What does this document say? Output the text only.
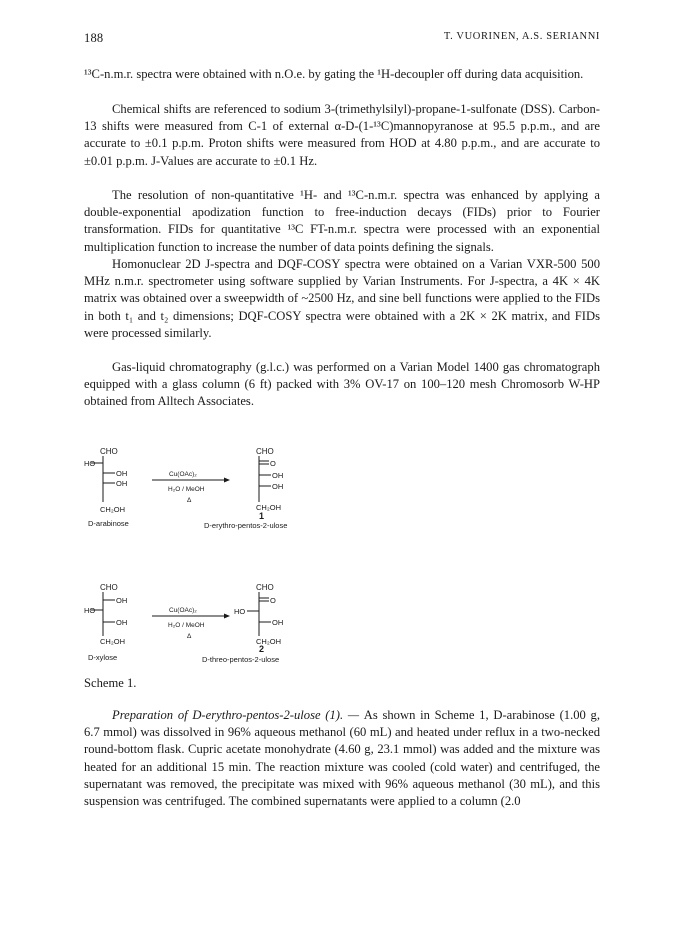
188	T. VUORINEN, A.S. SERIANNI

¹³C-n.m.r. spectra were obtained with n.O.e. by gating the ¹H-decoupler off during data acquisition.

Chemical shifts are referenced to sodium 3-(trimethylsilyl)-propane-1-sulfonate (DSS). Carbon-13 shifts were measured from C-1 of external α-D-(1-¹³C)mannopyranose at 95.5 p.p.m., and are accurate to ±0.1 p.p.m. Proton shifts were measured from HOD at 4.80 p.p.m., and are accurate to ±0.01 p.p.m. J-Values are accurate to ±0.1 Hz.

The resolution of non-quantitative ¹H- and ¹³C-n.m.r. spectra was enhanced by applying a double-exponential apodization function to free-induction decays (FIDs) prior to Fourier transformation. FIDs for quantitative ¹³C FT-n.m.r. spectra were processed with an exponential multiplication function to increase the number of data points defining the signals.

Homonuclear 2D J-spectra and DQF-COSY spectra were obtained on a Varian VXR-500 500 MHz n.m.r. spectrometer using software supplied by Varian Instruments. For J-spectra, a 4K × 4K matrix was obtained over a sweepwidth of ~2500 Hz, and sine bell functions were applied to the FIDs in both t₁ and t₂ dimensions; DQF-COSY spectra were obtained with a 2K × 2K matrix, and FIDs were processed similarly.

Gas-liquid chromatography (g.l.c.) was performed on a Varian Model 1400 gas chromatograph equipped with a glass column (6 ft) packed with 3% OV-17 on 100–120 mesh Chromosorb W-HP obtained from Alltech Associates.

CHO
HO
OH
OH
CH₂OH
D-arabinose
Cu(OAc)₂
H₂O / MeOH
Δ
CHO
O
OH
OH
CH₂OH
1
D-erythro-pentos-2-ulose
CHO
OH
HO
OH
CH₂OH
D-xylose
Cu(OAc)₂
H₂O / MeOH
Δ
CHO
O
HO
OH
CH₂OH
2
D-threo-pentos-2-ulose
Scheme 1.

Preparation of D-erythro-pentos-2-ulose (1). — As shown in Scheme 1, D-arabinose (1.00 g, 6.7 mmol) was dissolved in 96% aqueous methanol (60 mL) and heated under reflux in a two-necked round-bottom flask. Cupric acetate monohydrate (4.60 g, 23.1 mmol) was added and the mixture was heated for an additional 15 min. The reaction mixture was cooled (cold water) and centrifuged, the supernatant was removed, the precipitate was mixed with 96% aqueous methanol (30 mL), and this suspension was centrifuged. The combined supernatants were applied to a column (2.0
